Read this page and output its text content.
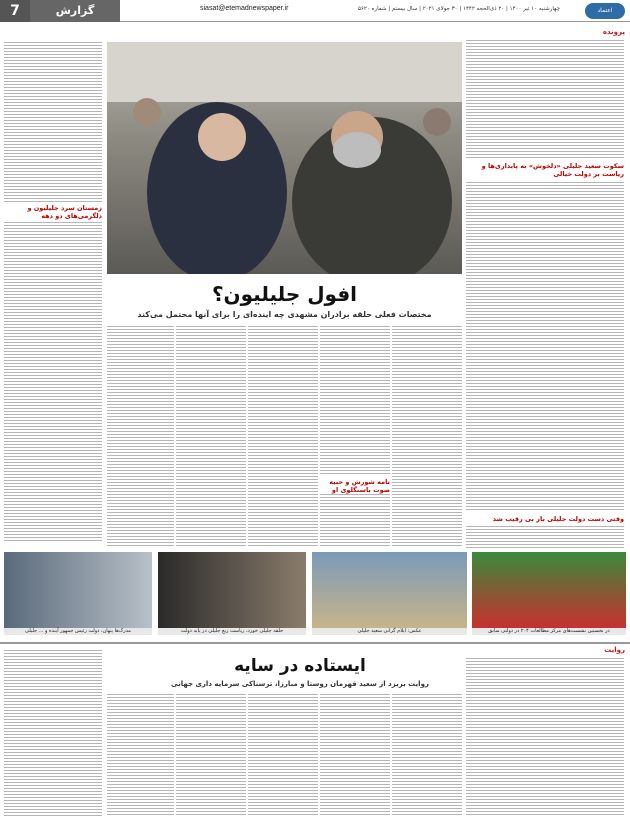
7	گزارش	siasat@etemadnewspaper.ir	چهارشنبه ۱۰ تیر ۱۴۰۰ | ۲۰ ذی‌الحجه ۱۴۴۲ | ۳۰ جولای ۲۰۲۱ | سال بیستم | شماره ۵۶۲۰	اعتماد
زمستان سرد جلیلیون و دلگرمی‌های دو دهه
پرونده
سکوت سعید جلیلی «دلخوش» به پایداری‌ها و ریاست بر دولت خیالی
وقتی دست دولت جلیلی باز بی رقیب شد
افول جلیلیون؟
مختصات فعلی حلقه برادران مشهدی چه اینده‌ای را برای آنها محتمل می‌کند
نامه شورش و حبیه صوت باسنگلوی او
مدرک‌ها پنهان، دولت رئیس جمهور آینده و ... جلیلی	حلقه جلیلی خورد، ریاست ربع جلیلی در پایه دولت	عکس: ایلام گرانی سعید جلیلی	در نخستین نشست‌های مرکز مطالعات ۲۰۴ در دولتی سابق
روایت
ایستاده در سایه
روایت بریزد از سعید قهرمان روستا و مبارزا، ترسناکی سرمایه داری جهانی
